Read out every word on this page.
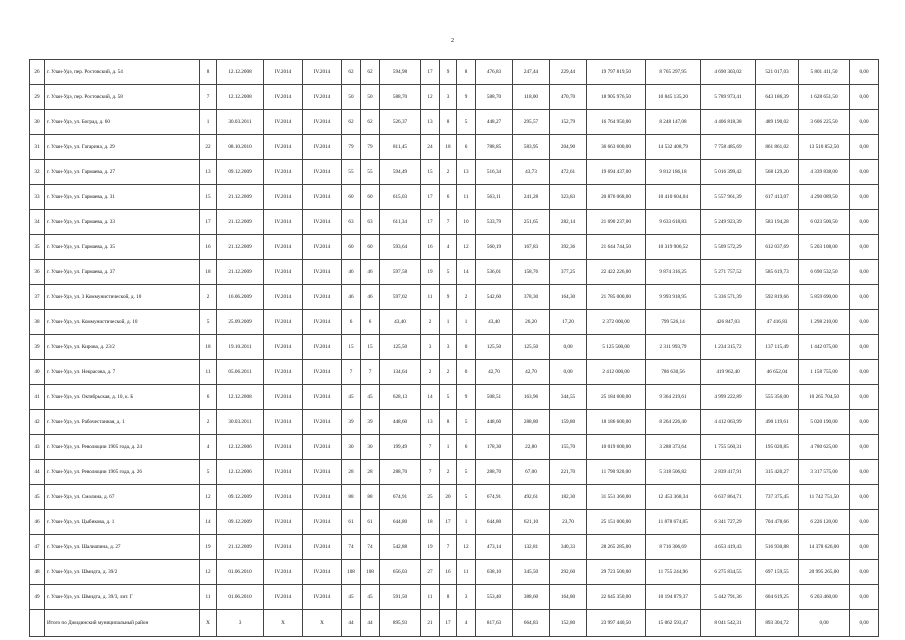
2
26	г. Улан-Удэ, пер. Ростовский, д. 54	8	12.12.2008	IV.2014	IV.2014	62	62	594,98	17	9	8	476,83	247,44	229,44	19 797 819,50	8 765 297,95	4 690 303,02	521 017,03	5 801 411,50	0,00
29	г. Улан-Удэ, пер. Ростовский, д. 58	7	12.12.2008	IV.2014	IV.2014	50	50	588,70	12	3	9	588,70	118,00	470,70	18 905 976,50	10 845 135,20	5 789 973,41	643 186,39	1 628 651,50	0,00
30	г. Улан-Удэ, ул. Боград, д. 60	1	30.03.2011	IV.2014	IV.2014	62	62	526,37	13	8	5	448,27	295,57	152,79	16 764 950,00	8 248 147,08	4 406 818,38	489 190,02	3 606 225,50	0,00
31	г. Улан-Удэ, ул. Гагарина, д. 29	22	08.10.2010	IV.2014	IV.2014	79	79	811,45	24	18	6	788,85	583,95	204,90	36 663 600,00	14 532 408,79	7 758 485,69	861 861,02	13 510 852,50	0,00
32	г. Улан-Удэ, ул. Гармаева, д. 27	13	09.12.2009	IV.2014	IV.2014	55	55	594,49	15	2	13	516,34	43,73	472,61	19 694 437,00	9 812 186,18	5 016 399,42	568 129,20	4 339 838,00	0,00
33	г. Улан-Удэ, ул. Гармаева, д. 31	15	21.12.2009	IV.2014	IV.2014	60	60	615,03	17	6	11	563,11	241,28	323,83	20 876 068,00	10 410 604,04	5 557 961,39	617 413,07	4 290 089,50	0,00
34	г. Улан-Удэ, ул. Гармаева, д. 33	17	21.12.2009	IV.2014	IV.2014	63	63	611,34	17	7	10	533,79	251,65	282,14	21 690 237,00	9 633 618,83	5 249 923,39	583 194,28	6 023 500,50	0,00
35	г. Улан-Удэ, ул. Гармаева, д. 35	16	21.12.2009	IV.2014	IV.2014	60	60	593,64	16	4	12	560,19	167,83	392,36	21 644 744,50	10 319 906,52	5 509 572,29	612 037,69	5 203 108,00	0,00
36	г. Улан-Удэ, ул. Гармаева, д. 37	18	21.12.2009	IV.2014	IV.2014	46	46	597,58	19	5	14	536,01	158,76	377,25	22 422 226,00	9 874 316,25	5 271 757,52	585 619,73	6 690 532,50	0,00
37	г. Улан-Удэ, ул. 3 Коммунистической, д. 10	2	16.06.2009	IV.2014	IV.2014	46	46	597,02	11	9	2	542,60	378,30	164,30	21 785 000,00	9 993 918,95	5 336 571,39	592 819,66	5 859 690,00	0,00
38	г. Улан-Удэ, ул. Коммунистической, д. 10	5	25.09.2009	IV.2014	IV.2014	6	6	43,40	2	1	1	43,40	26,20	17,20	2 372 000,00	799 526,14	426 847,03	47 416,83	1 298 210,00	0,00
39	г. Улан-Удэ, ул. Кирова, д. 23/2	18	19.10.2011	IV.2014	IV.2014	15	15	125,50	3	3	0	125,50	125,50	0,00	5 125 500,00	2 311 993,79	1 234 315,72	137 115,49	1 442 075,00	0,00
40	г. Улан-Удэ, ул. Некрасова, д. 7	11	05.06.2011	IV.2014	IV.2014	7	7	134,64	2	2	0	42,70	42,70	0,00	2 412 000,00	786 630,56	419 962,40	46 652,04	1 158 755,00	0,00
41	г. Улан-Удэ, ул. Октябрьская, д. 10, к. Б	6	12.12.2008	IV.2014	IV.2014	45	45	628,13	14	5	9	508,51	163,96	344,55	25 184 600,00	9 364 219,61	4 999 222,89	555 356,00	10 265 704,50	0,00
42	г. Улан-Удэ, ул. Рабочестанная, д. 1	2	30.03.2011	IV.2014	IV.2014	39	39	448,60	13	8	5	448,60	288,80	159,80	18 186 600,00	8 264 226,40	4 412 063,99	490 119,61	5 020 190,00	0,00
43	г. Улан-Удэ, ул. Революции 1905 года, д. 24	4	12.12.2006	IV.2014	IV.2014	30	30	199,49	7	1	6	178,30	22,80	155,70	10 019 600,00	3 288 373,64	1 755 560,31	195 020,85	4 780 625,00	0,00
44	г. Улан-Удэ, ул. Революции 1905 года, д. 26	5	12.12.2006	IV.2014	IV.2014	28	28	288,70	7	2	5	288,70	67,00	221,70	11 790 920,00	5 318 506,82	2 839 417,91	315 420,27	3 317 575,00	0,00
45	г. Улан-Удэ, ул. Смолина, д. 67	12	09.12.2009	IV.2014	IV.2014	88	88	674,91	25	20	5	674,91	492,61	182,30	31 551 360,00	12 453 368,34	6 637 864,71	737 375,45	11 742 751,50	0,00
46	г. Улан-Удэ, ул. Цыбикова, д. 1	14	09.12.2009	IV.2014	IV.2014	61	61	644,80	18	17	1	644,80	621,10	23,70	25 151 000,00	11 878 674,05	6 341 727,29	704 478,66	6 226 120,00	0,00
47	г. Улан-Удэ, ул. Шалиапина, д. 27	19	21.12.2009	IV.2014	IV.2014	74	74	542,88	19	7	12	473,14	132,81	340,33	28 265 285,00	8 716 306,69	4 653 419,43	516 930,88	14 378 626,00	0,00
48	г. Улан-Удэ, ул. Шмидта, д. 39/2	12	01.06.2010	IV.2014	IV.2014	108	108	656,03	27	16	11	638,10	345,50	292,60	29 723 500,00	11 755 244,96	6 275 834,55	697 159,55	20 995 265,00	0,00
49	г. Улан-Удэ, ул. Шмидта, д. 39/3, лит. Г	11	01.06.2010	IV.2014	IV.2014	45	45	591,50	11	8	3	553,40	388,60	164,80	22 645 350,00	10 194 879,37	5 442 791,36	604 619,25	6 203 460,00	0,00
	Итого по Джидинский муниципальный район	X	3	X	X	44	44	895,93	21	17	4	817,63	664,83	152,80	23 997 440,50	15 062 593,47	8 041 542,31	893 304,72	0,00	0,00
